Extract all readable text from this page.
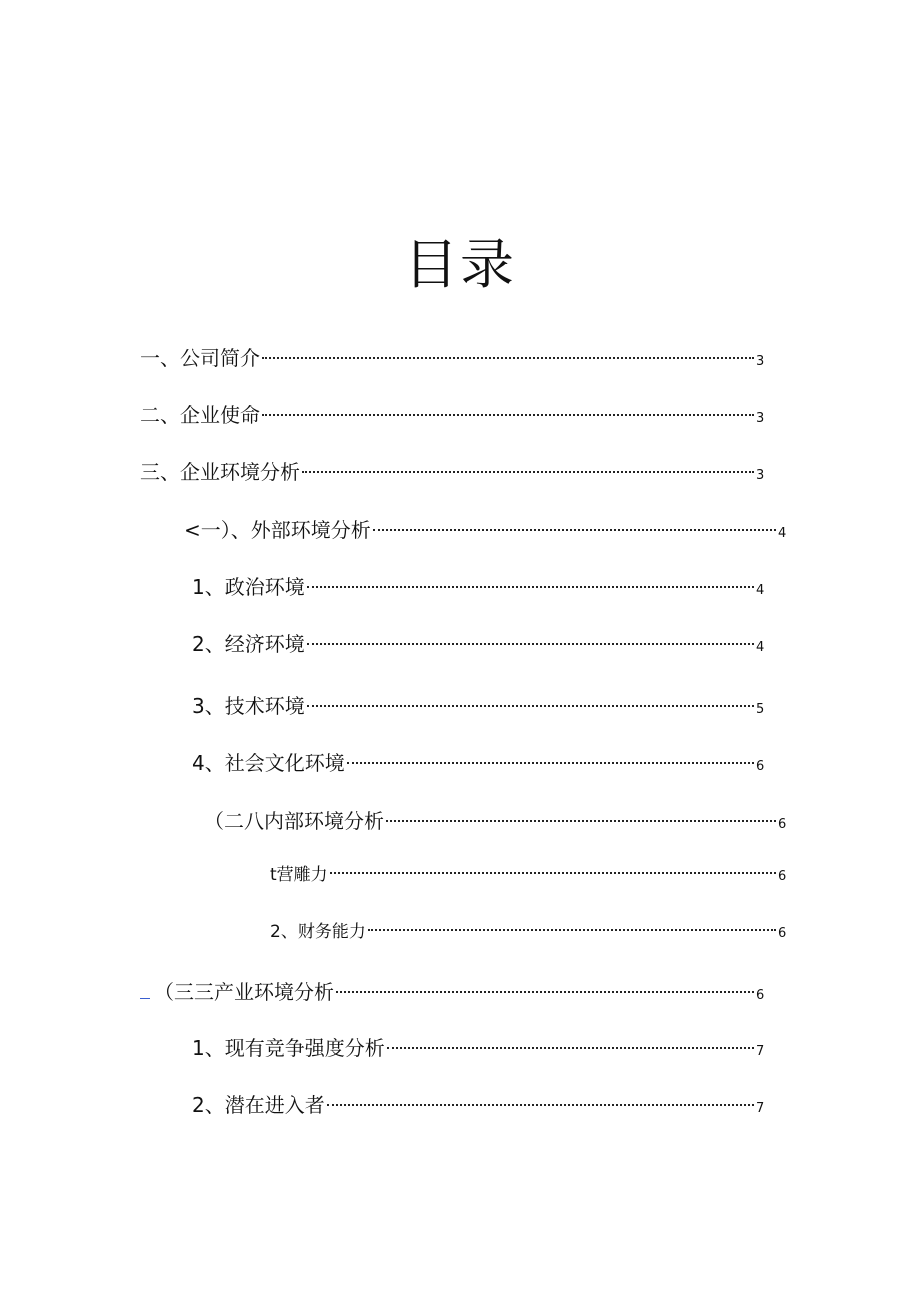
目录
一、公司简介	3
二、企业使命	3
三、企业环境分析	3
<一）、外部环境分析	4
1、政治环境	4
2、经济环境	4
3、技术环境	5
4、社会文化环境	6
（二八内部环境分析	6
t营雕力	6
2、财务能力	6
（三三产业环境分析	6
1、现有竞争强度分析	7
2、潜在进入者	7
